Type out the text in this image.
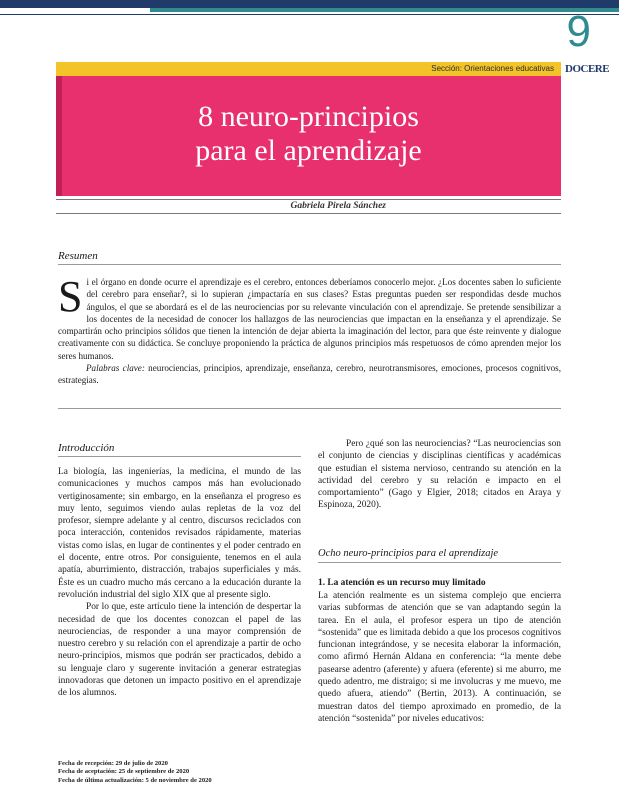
9
Sección: Orientaciones educativas DOCERE
8 neuro-principios
para el aprendizaje
Gabriela Pirela Sánchez
Resumen
Si el órgano en donde ocurre el aprendizaje es el cerebro, entonces deberíamos conocerlo mejor. ¿Los docentes saben lo suficiente del cerebro para enseñar?, si lo supieran ¿impactaría en sus clases? Estas preguntas pueden ser respondidas desde muchos ángulos, el que se abordará es el de las neurociencias por su relevante vinculación con el aprendizaje. Se pretende sensibilizar a los docentes de la necesidad de conocer los hallazgos de las neurociencias que impactan en la enseñanza y el aprendizaje. Se compartirán ocho principios sólidos que tienen la intención de dejar abierta la imaginación del lector, para que éste reinvente y dialogue creativamente con su didáctica. Se concluye proponiendo la práctica de algunos principios más respetuosos de cómo aprenden mejor los seres humanos.
Palabras clave: neurociencias, principios, aprendizaje, enseñanza, cerebro, neurotransmisores, emociones, procesos cognitivos, estrategias.
Introducción

La biología, las ingenierías, la medicina, el mundo de las comunicaciones y muchos campos más han evolucionado vertiginosamente; sin embargo, en la enseñanza el progreso es muy lento, seguimos viendo aulas repletas de la voz del profesor, siempre adelante y al centro, discursos reciclados con poca interacción, contenidos revisados rápidamente, materias vistas como islas, en lugar de continentes y el poder centrado en el docente, entre otros. Por consiguiente, tenemos en el aula apatía, aburrimiento, distracción, trabajos superficiales y más. Éste es un cuadro mucho más cercano a la educación durante la revolución industrial del siglo XIX que al presente siglo.

Por lo que, este artículo tiene la intención de despertar la necesidad de que los docentes conozcan el papel de las neurociencias, de responder a una mayor comprensión de nuestro cerebro y su relación con el aprendizaje a partir de ocho neuro-principios, mismos que podrán ser practicados, debido a su lenguaje claro y sugerente invitación a generar estrategias innovadoras que detonen un impacto positivo en el aprendizaje de los alumnos.

Pero ¿qué son las neurociencias? “Las neurociencias son el conjunto de ciencias y disciplinas científicas y académicas que estudian el sistema nervioso, centrando su atención en la actividad del cerebro y su relación e impacto en el comportamiento” (Gago y Elgier, 2018; citados en Araya y Espinoza, 2020).

Ocho neuro-principios para el aprendizaje
1. La atención es un recurso muy limitado

La atención realmente es un sistema complejo que encierra varias subformas de atención que se van adaptando según la tarea. En el aula, el profesor espera un tipo de atención “sostenida” que es limitada debido a que los procesos cognitivos funcionan integrándose, y se necesita elaborar la información, como afirmó Hernán Aldana en conferencia: “la mente debe pasearse adentro (aferente) y afuera (eferente) si me aburro, me quedo adentro, me distraigo; si me involucras y me muevo, me quedo afuera, atiendo” (Bertin, 2013). A continuación, se muestran datos del tiempo aproximado en promedio, de la atención “sostenida” por niveles educativos:

Fecha de recepción: 29 de julio de 2020
Fecha de aceptación: 25 de septiembre de 2020
Fecha de última actualización: 5 de noviembre de 2020
